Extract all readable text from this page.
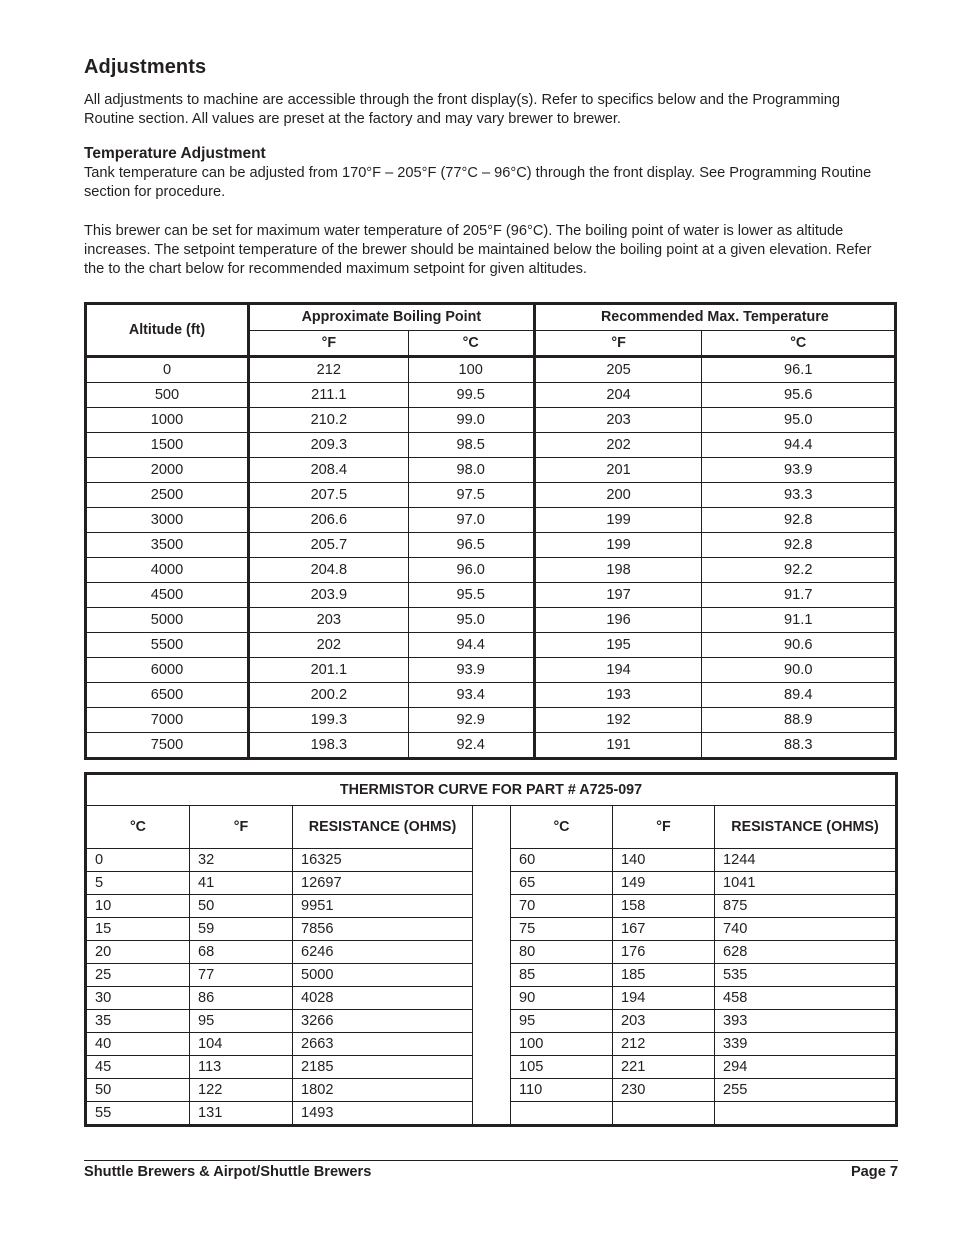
Adjustments

All adjustments to machine are accessible through the front display(s). Refer to specifics below and the Programming Routine section. All values are preset at the factory and may vary brewer to brewer.

Temperature Adjustment

Tank temperature can be adjusted from 170°F – 205°F (77°C – 96°C) through the front display. See Programming Routine section for procedure.

This brewer can be set for maximum water temperature of 205°F (96°C). The boiling point of water is lower as altitude increases. The setpoint temperature of the brewer should be maintained below the boiling point at a given elevation. Refer the to the chart below for recommended maximum setpoint for given altitudes.

Altitude (ft)	Approximate Boiling Point		Recommended Max. Temperature	
	°F	°C	°F	°C
0	212	100	205	96.1
500	211.1	99.5	204	95.6
1000	210.2	99.0	203	95.0
1500	209.3	98.5	202	94.4
2000	208.4	98.0	201	93.9
2500	207.5	97.5	200	93.3
3000	206.6	97.0	199	92.8
3500	205.7	96.5	199	92.8
4000	204.8	96.0	198	92.2
4500	203.9	95.5	197	91.7
5000	203	95.0	196	91.1
5500	202	94.4	195	90.6
6000	201.1	93.9	194	90.0
6500	200.2	93.4	193	89.4
7000	199.3	92.9	192	88.9
7500	198.3	92.4	191	88.3
THERMISTOR CURVE FOR PART # A725-097						
°C	°F	RESISTANCE (OHMS)		°C	°F	RESISTANCE (OHMS)
0	32	16325		60	140	1244
5	41	12697		65	149	1041
10	50	9951		70	158	875
15	59	7856		75	167	740
20	68	6246		80	176	628
25	77	5000		85	185	535
30	86	4028		90	194	458
35	95	3266		95	203	393
40	104	2663		100	212	339
45	113	2185		105	221	294
50	122	1802		110	230	255
55	131	1493				
Shuttle Brewers & Airpot/Shuttle Brewers	Page 7
